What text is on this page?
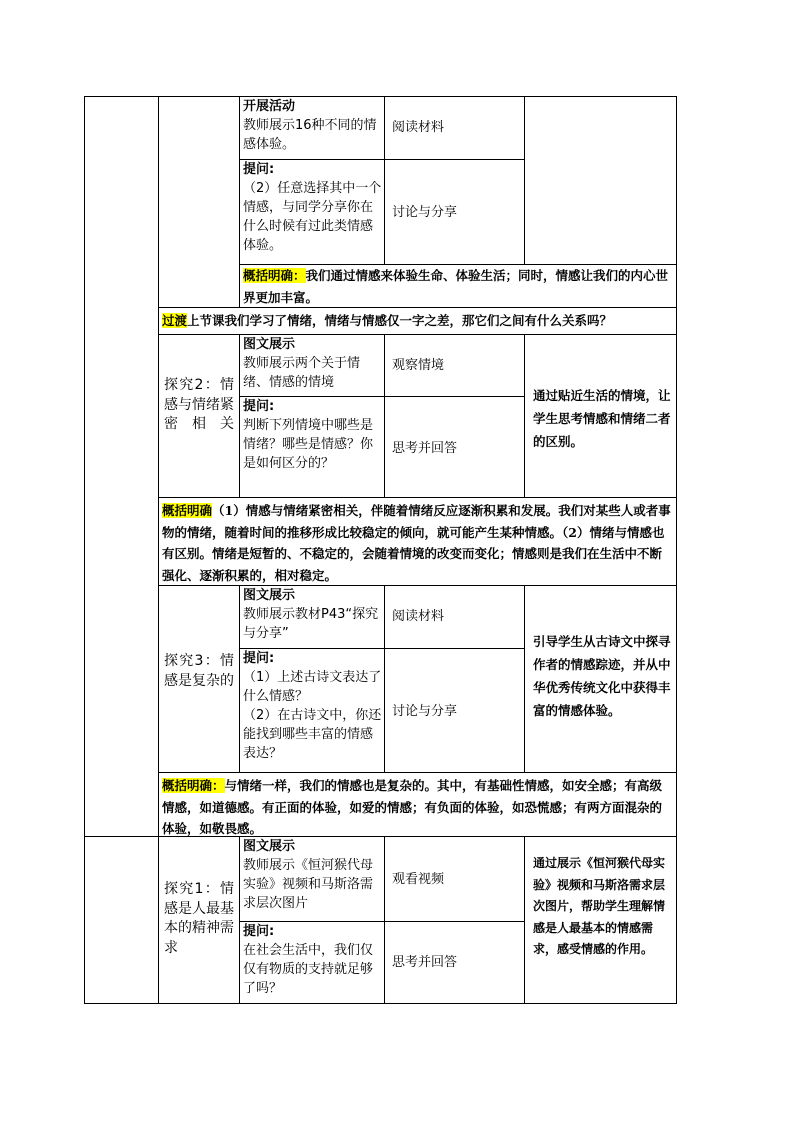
开展活动
教师展示16种不同的情感体验。
阅读材料
提问:
（2）任意选择其中一个情感，与同学分享你在什么时候有过此类情感体验。
讨论与分享
概括明确：我们通过情感来体验生命、体验生活；同时，情感让我们的内心世界更加丰富。
过渡上节课我们学习了情绪，情绪与情感仅一字之差，那它们之间有什么关系吗？
探究2：情感与情绪紧密相关
图文展示
教师展示两个关于情绪、情感的情境
观察情境
提问:
判断下列情境中哪些是情绪？哪些是情感？你是如何区分的？
思考并回答
通过贴近生活的情境，让学生思考情感和情绪二者的区别。
概括明确（1）情感与情绪紧密相关，伴随着情绪反应逐渐积累和发展。我们对某些人或者事物的情绪，随着时间的推移形成比较稳定的倾向，就可能产生某种情感。（2）情绪与情感也有区别。情绪是短暂的、不稳定的，会随着情境的改变而变化；情感则是我们在生活中不断强化、逐渐积累的，相对稳定。
探究3：情感是复杂的
图文展示
教师展示教材P43“探究与分享”
阅读材料
提问:
（1）上述古诗文表达了什么情感？
（2）在古诗文中，你还能找到哪些丰富的情感表达？
讨论与分享
引导学生从古诗文中探寻作者的情感踪迹，并从中华优秀传统文化中获得丰富的情感体验。
概括明确：与情绪一样，我们的情感也是复杂的。其中，有基础性情感，如安全感；有高级情感，如道德感。有正面的体验，如爱的情感；有负面的体验，如恐慌感；有两方面混杂的体验，如敬畏感。
探究1：情感是人最基本的精神需求
图文展示
教师展示《恒河猴代母实验》视频和马斯洛需求层次图片
观看视频
提问:
在社会生活中，我们仅仅有物质的支持就足够了吗？
思考并回答
通过展示《恒河猴代母实验》视频和马斯洛需求层次图片，帮助学生理解情感是人最基本的情感需求，感受情感的作用。
